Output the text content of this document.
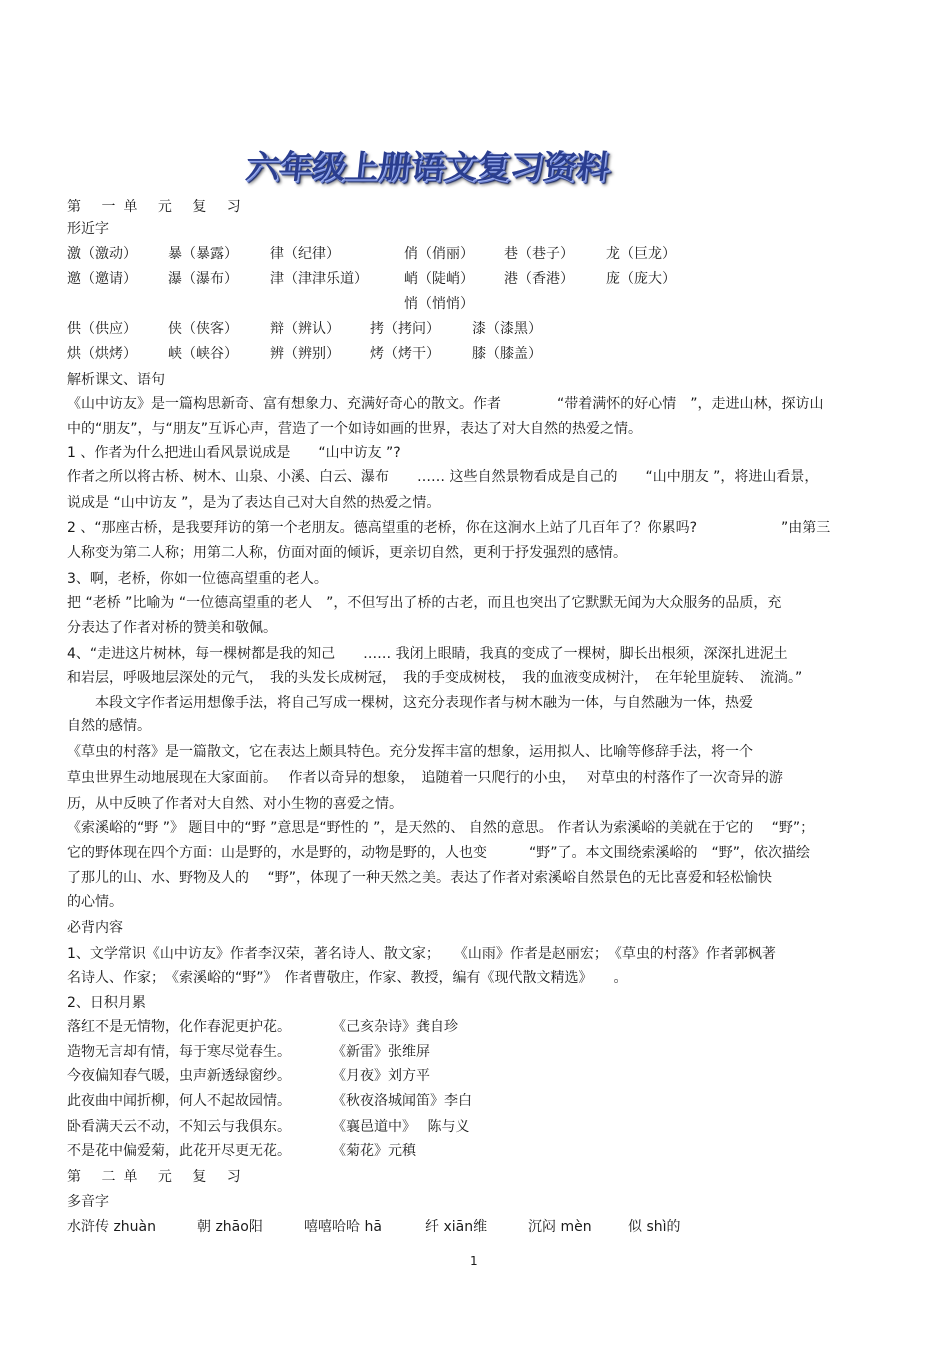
六年级上册语文复习资料
第 一单 元 复 习
形近字
激（激动） 暴（暴露） 律（纪律）	俏（俏丽） 巷（巷子） 龙（巨龙）
邀（邀请） 瀑（瀑布） 津（津津乐道）	峭（陡峭） 港（香港） 庞（庞大）
悄（悄悄）
供（供应） 侠（侠客） 辩（辨认） 拷（拷问） 漆（漆黑）
烘（烘烤） 峡（峡谷） 辨（辨别） 烤（烤干） 膝（膝盖）
解析课文、语句
《山中访友》是一篇构思新奇、富有想象力、充满好奇心的散文。作者　　　　“带着满怀的好心情　”，走进山林，探访山
中的“朋友”，与“朋友”互诉心声，营造了一个如诗如画的世界，表达了对大自然的热爱之情。
1 、作者为什么把进山看风景说成是　　“山中访友 ”?
作者之所以将古桥、树木、山泉、小溪、白云、瀑布　　…… 这些自然景物看成是自己的　　“山中朋友 ”，将进山看景，
说成是 “山中访友 ”，是为了表达自己对大自然的热爱之情。
2 、“那座古桥，是我要拜访的第一个老朋友。德高望重的老桥，你在这涧水上站了几百年了？你累吗?　　　　　　”由第三
人称变为第二人称；用第二人称，仿面对面的倾诉，更亲切自然，更利于抒发强烈的感情。
3、啊，老桥，你如一位德高望重的老人。
把 “老桥 ”比喻为 “一位德高望重的老人　”，不但写出了桥的古老，而且也突出了它默默无闻为大众服务的品质，充
分表达了作者对桥的赞美和敬佩。
4、“走进这片树林，每一棵树都是我的知己　　…… 我闭上眼睛，我真的变成了一棵树，脚长出根须，深深扎进泥土
和岩层，呼吸地层深处的元气，　我的头发长成树冠，　我的手变成树枝，　我的血液变成树汁，　在年轮里旋转、　流淌。”
　　本段文字作者运用想像手法，将自己写成一棵树，这充分表现作者与树木融为一体，与自然融为一体，热爱
自然的感情。
《草虫的村落》是一篇散文，它在表达上颇具特色。充分发挥丰富的想象，运用拟人、比喻等修辞手法，将一个
草虫世界生动地展现在大家面前。　 作者以奇异的想象，　追随着一只爬行的小虫，　 对草虫的村落作了一次奇异的游
历，从中反映了作者对大自然、对小生物的喜爱之情。
《索溪峪的“野 ”》 题目中的“野 ”意思是“野性的 ”，是天然的、 自然的意思。 作者认为索溪峪的美就在于它的　 “野”；
它的野体现在四个方面：山是野的，水是野的，动物是野的，人也变　　　“野”了。本文围绕索溪峪的　“野”，依次描绘
了那儿的山、水、野物及人的　 “野”，体现了一种天然之美。表达了作者对索溪峪自然景色的无比喜爱和轻松愉快
的心情。
必背内容
1、文学常识《山中访友》作者李汉荣，著名诗人、散文家；　　《山雨》作者是赵丽宏；　《草虫的村落》作者郭枫著
名诗人、作家；　《索溪峪的“野”》　作者曹敬庄，作家、教授，编有《现代散文精选》　　。
2、日积月累
落红不是无情物，化作春泥更护花。	《己亥杂诗》龚自珍
造物无言却有情，每于寒尽觉春生。	《新雷》张维屏
今夜偏知春气暖，虫声新透绿窗纱。	《月夜》刘方平
此夜曲中闻折柳，何人不起故园情。	《秋夜洛城闻笛》李白
卧看满天云不动，不知云与我俱东。	《襄邑道中》　 陈与义
不是花中偏爱菊，此花开尽更无花。	《菊花》元稹
第 二单 元 复 习
多音字
水浒传 zhuàn	朝 zhāo阳	嘻嘻哈哈 hā	纤 xiān维	沉闷 mèn	似 shì的
1
